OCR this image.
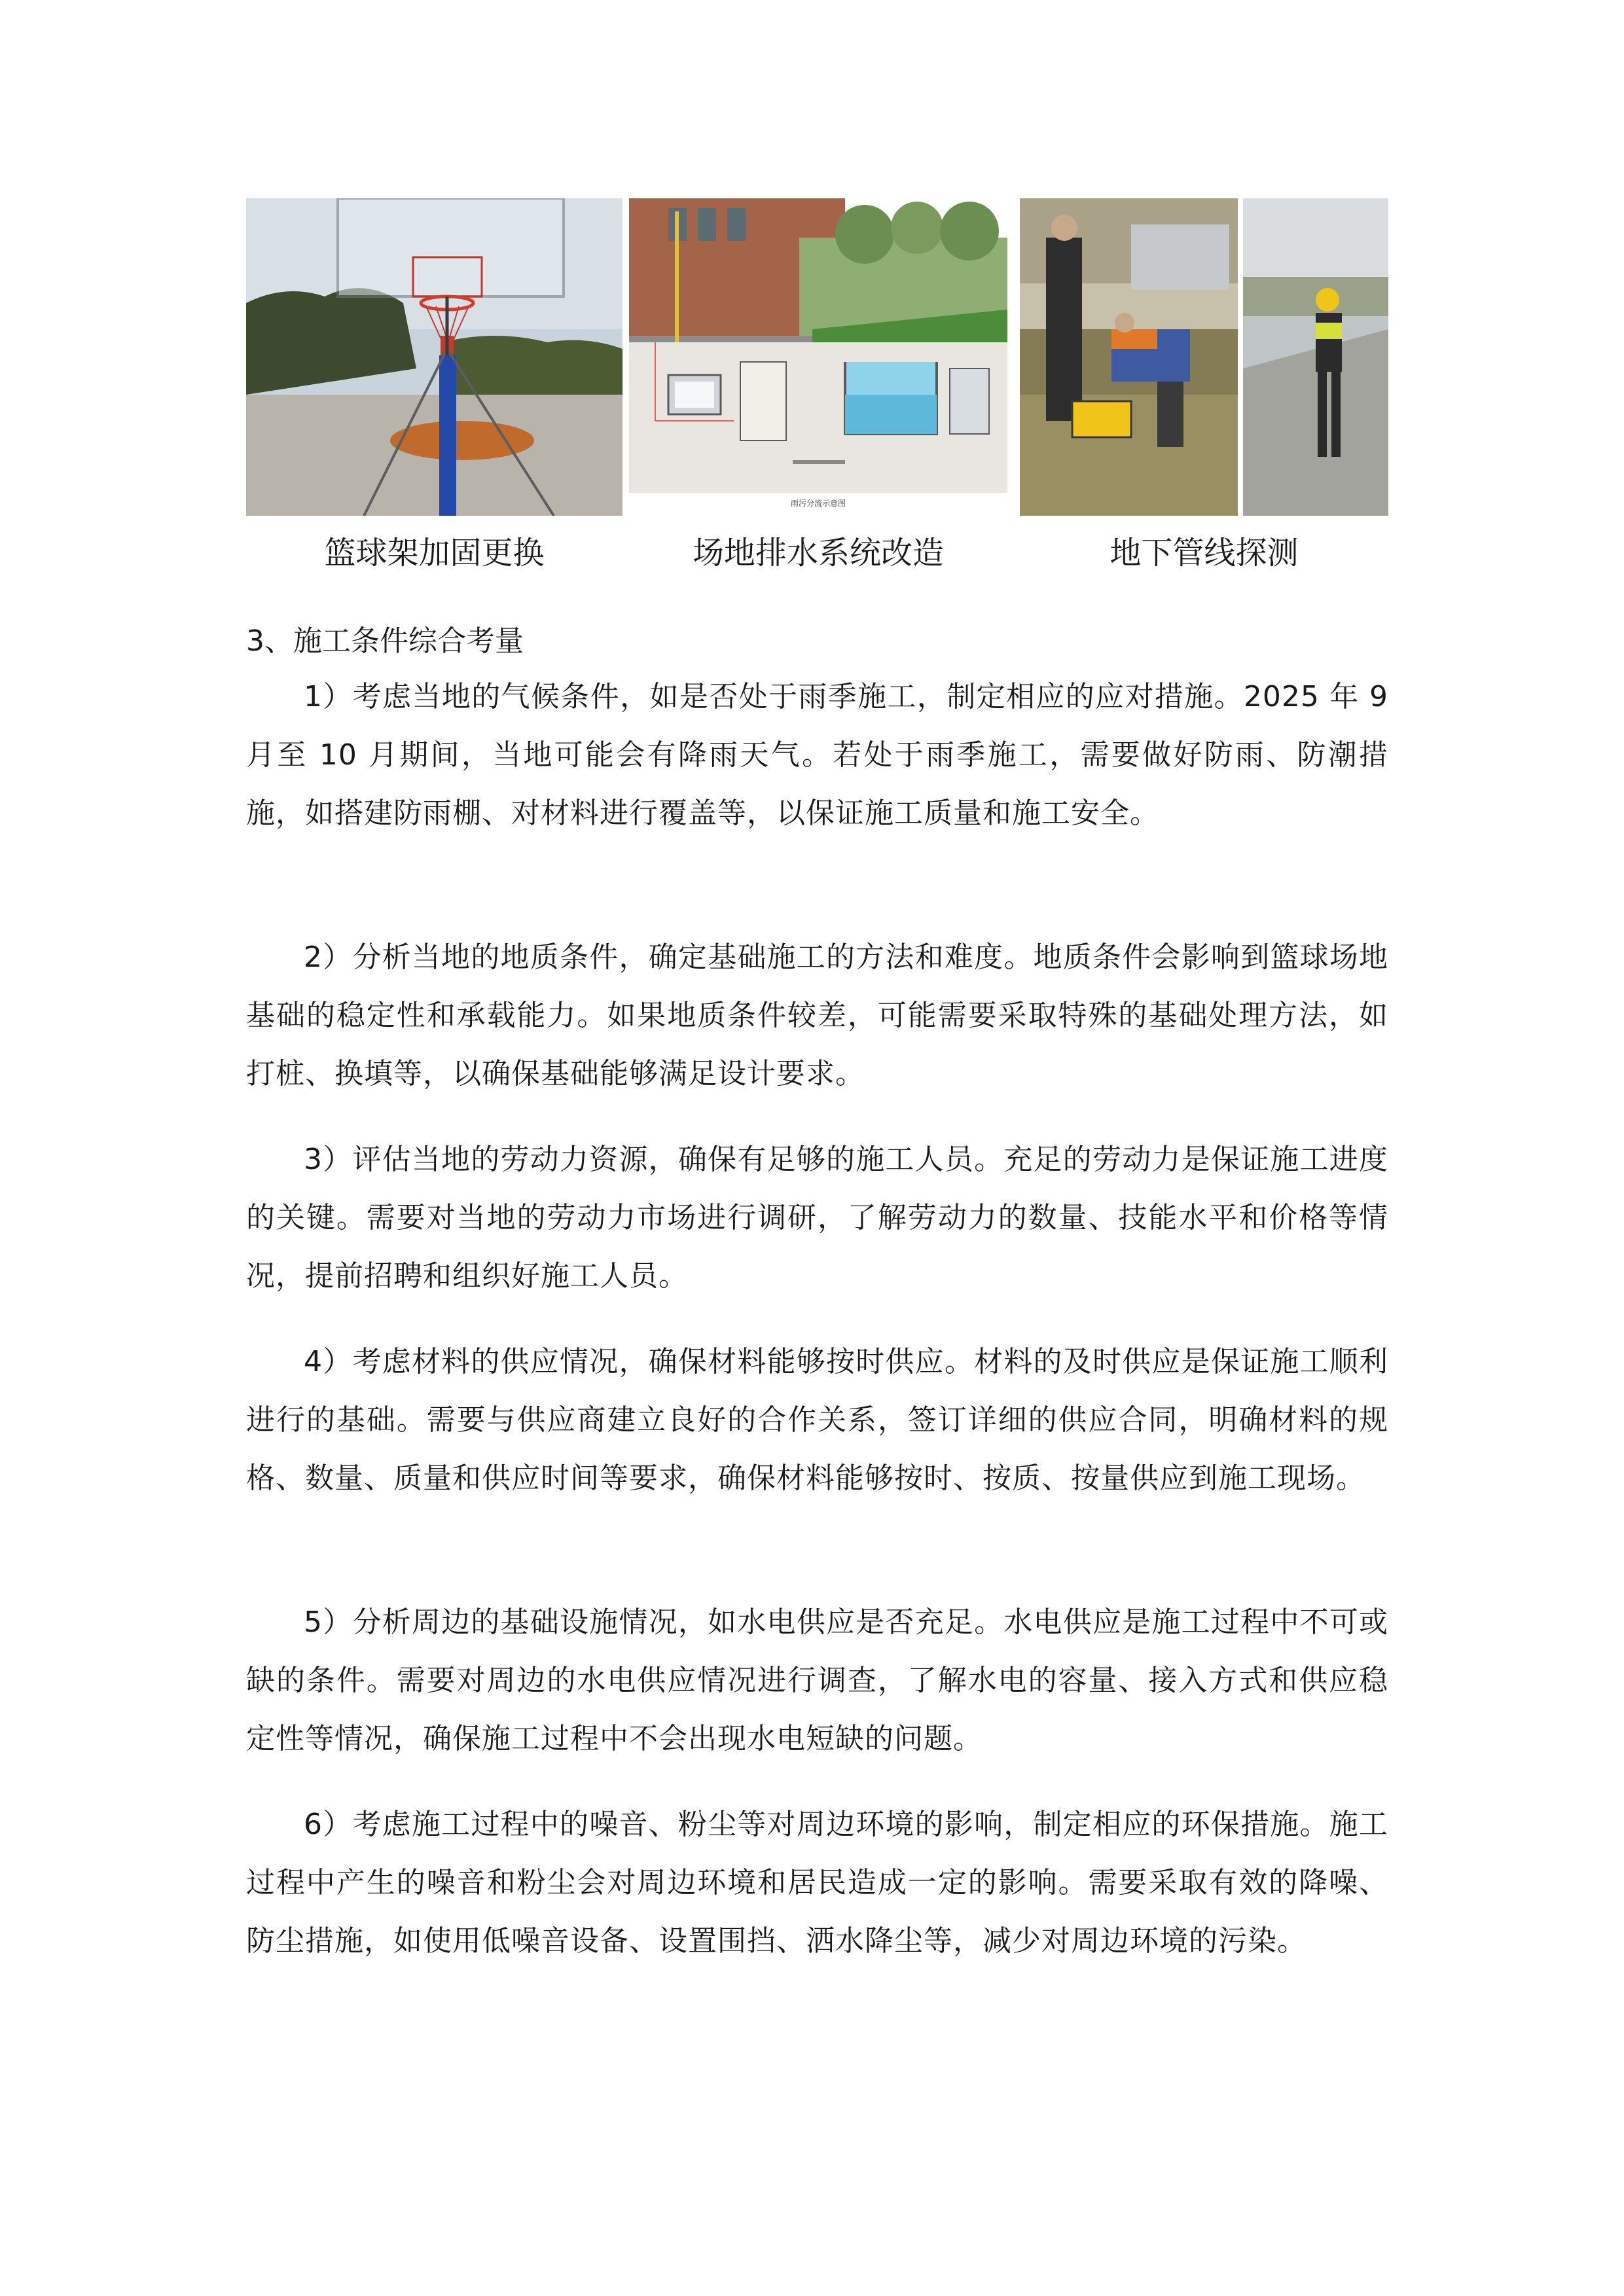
雨污分流示意图
篮球架加固更换	场地排水系统改造	地下管线探测
3、施工条件综合考量

1）考虑当地的气候条件，如是否处于雨季施工，制定相应的应对措施。2025 年 9 月至 10 月期间，当地可能会有降雨天气。若处于雨季施工，需要做好防雨、防潮措施，如搭建防雨棚、对材料进行覆盖等，以保证施工质量和施工安全。

2）分析当地的地质条件，确定基础施工的方法和难度。地质条件会影响到篮球场地基础的稳定性和承载能力。如果地质条件较差，可能需要采取特殊的基础处理方法，如打桩、换填等，以确保基础能够满足设计要求。

3）评估当地的劳动力资源，确保有足够的施工人员。充足的劳动力是保证施工进度的关键。需要对当地的劳动力市场进行调研，了解劳动力的数量、技能水平和价格等情况，提前招聘和组织好施工人员。

4）考虑材料的供应情况，确保材料能够按时供应。材料的及时供应是保证施工顺利进行的基础。需要与供应商建立良好的合作关系，签订详细的供应合同，明确材料的规格、数量、质量和供应时间等要求，确保材料能够按时、按质、按量供应到施工现场。

5）分析周边的基础设施情况，如水电供应是否充足。水电供应是施工过程中不可或缺的条件。需要对周边的水电供应情况进行调查，了解水电的容量、接入方式和供应稳定性等情况，确保施工过程中不会出现水电短缺的问题。

6）考虑施工过程中的噪音、粉尘等对周边环境的影响，制定相应的环保措施。施工过程中产生的噪音和粉尘会对周边环境和居民造成一定的影响。需要采取有效的降噪、防尘措施，如使用低噪音设备、设置围挡、洒水降尘等，减少对周边环境的污染。
